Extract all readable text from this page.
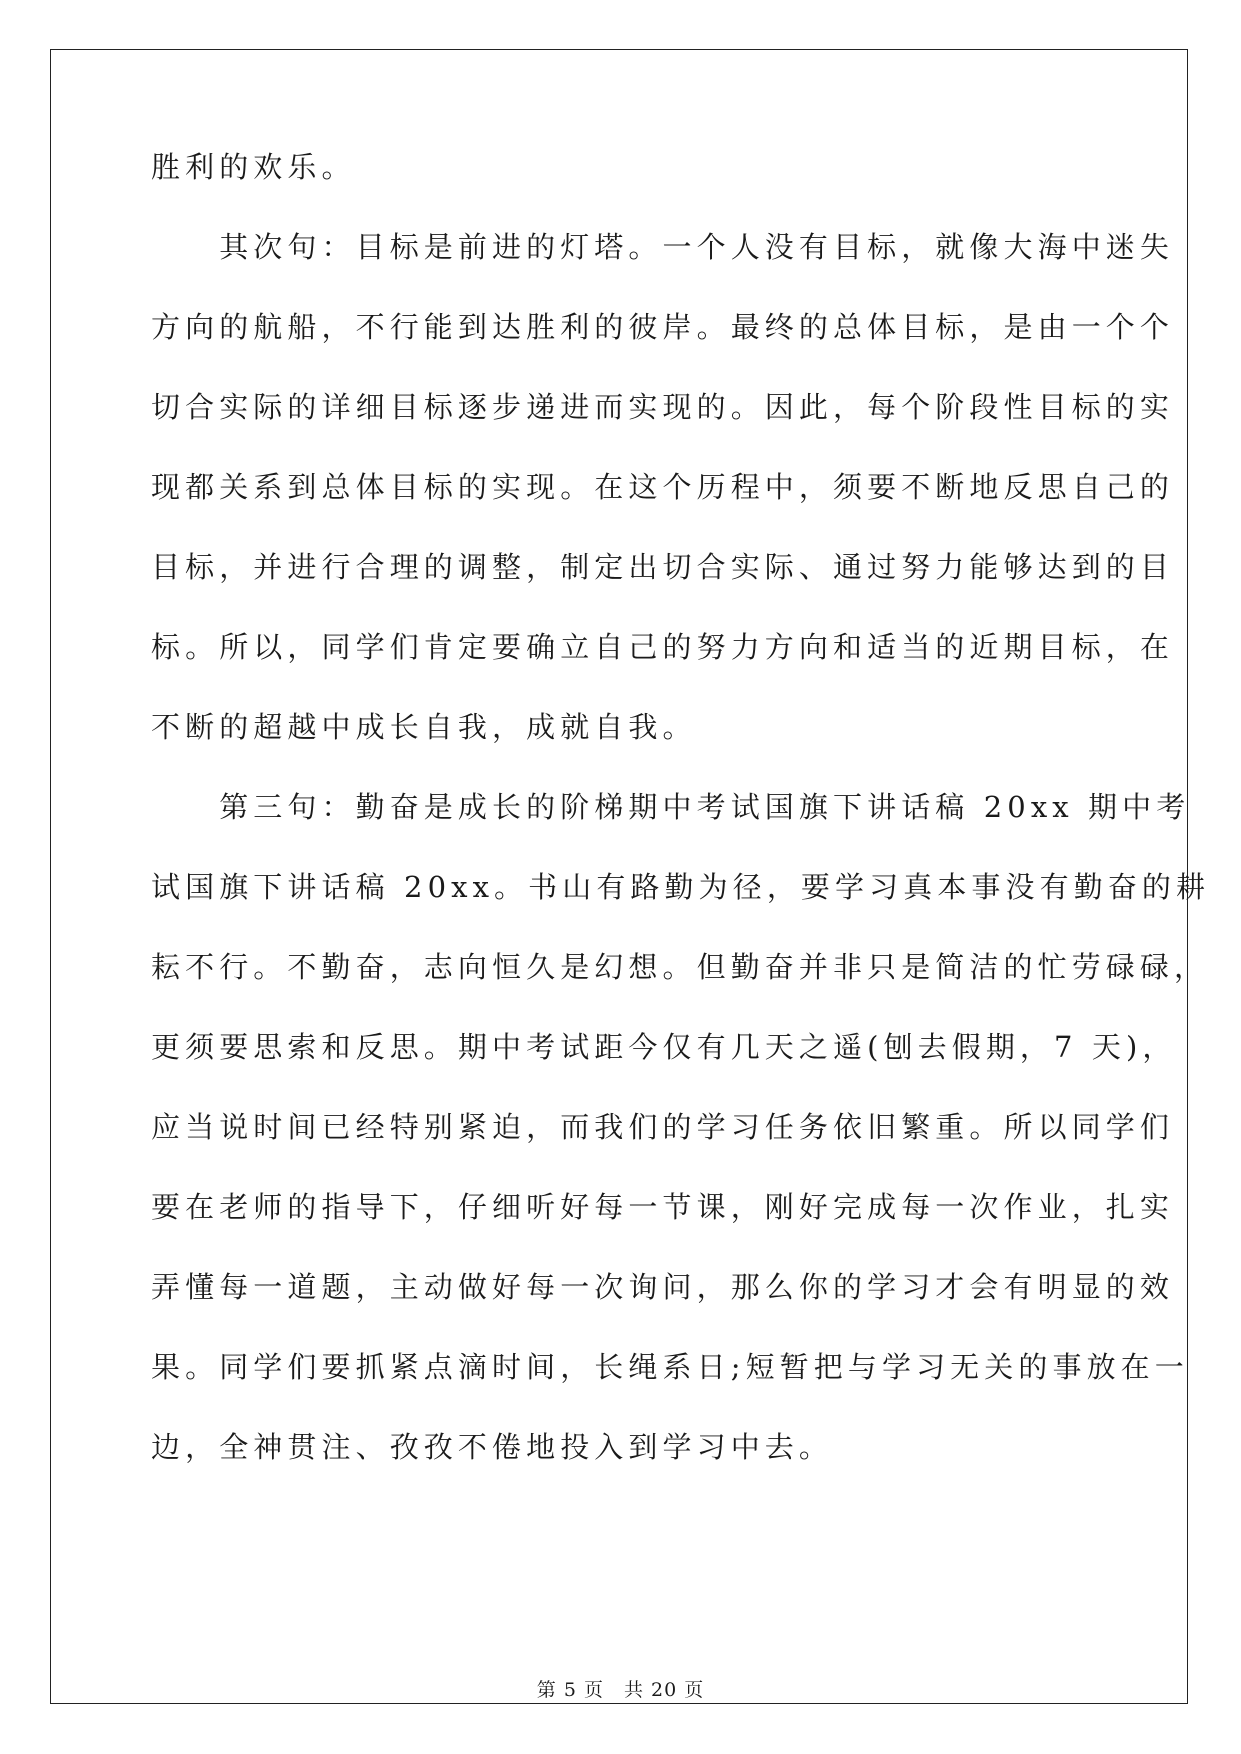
胜利的欢乐。
　　其次句：目标是前进的灯塔。一个人没有目标，就像大海中迷失
方向的航船，不行能到达胜利的彼岸。最终的总体目标，是由一个个
切合实际的详细目标逐步递进而实现的。因此，每个阶段性目标的实
现都关系到总体目标的实现。在这个历程中，须要不断地反思自己的
目标，并进行合理的调整，制定出切合实际、通过努力能够达到的目
标。所以，同学们肯定要确立自己的努力方向和适当的近期目标，在
不断的超越中成长自我，成就自我。
　　第三句：勤奋是成长的阶梯期中考试国旗下讲话稿 20xx 期中考
试国旗下讲话稿 20xx。书山有路勤为径，要学习真本事没有勤奋的耕
耘不行。不勤奋，志向恒久是幻想。但勤奋并非只是简洁的忙劳碌碌，
更须要思索和反思。期中考试距今仅有几天之遥(刨去假期，7 天)，
应当说时间已经特别紧迫，而我们的学习任务依旧繁重。所以同学们
要在老师的指导下，仔细听好每一节课，刚好完成每一次作业，扎实
弄懂每一道题，主动做好每一次询问，那么你的学习才会有明显的效
果。同学们要抓紧点滴时间，长绳系日;短暂把与学习无关的事放在一
边，全神贯注、孜孜不倦地投入到学习中去。
第 5 页　共 20 页
